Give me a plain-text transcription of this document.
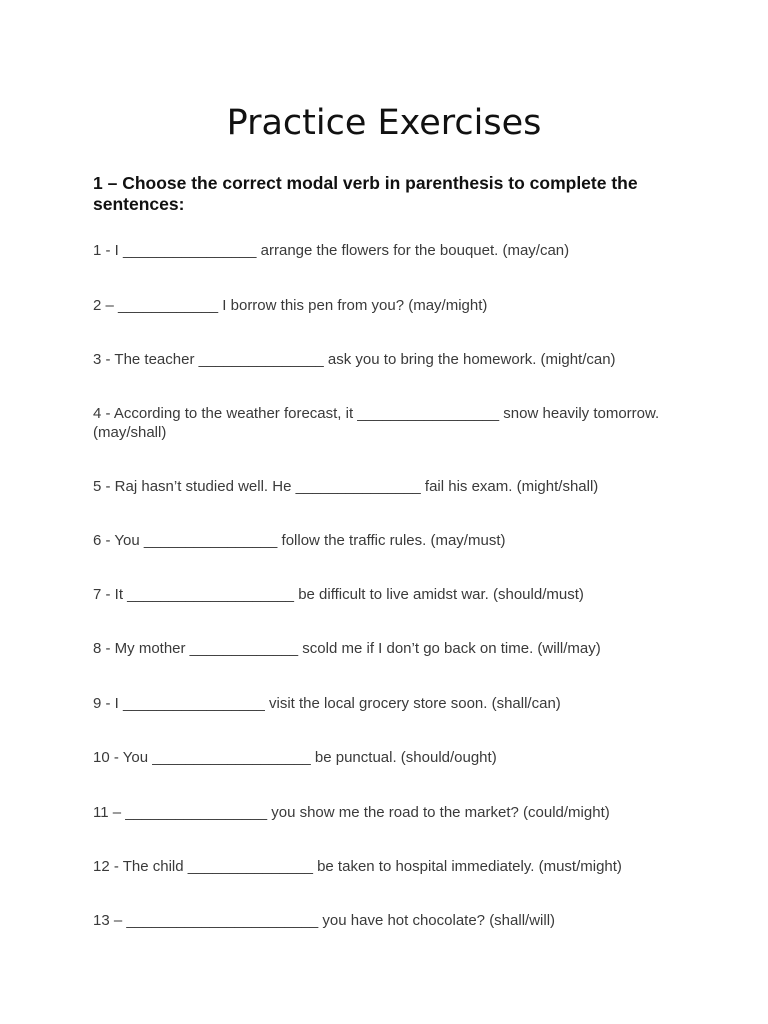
Practice Exercises

1 – Choose the correct modal verb in parenthesis to complete the sentences:

1 - I ________________ arrange the flowers for the bouquet. (may/can)

2 – ____________ I borrow this pen from you? (may/might)

3 - The teacher _______________ ask you to bring the homework. (might/can)

4 - According to the weather forecast, it _________________ snow heavily tomorrow. (may/shall)

5 - Raj hasn’t studied well. He _______________ fail his exam. (might/shall)

6 - You ________________ follow the traffic rules. (may/must)

7 - It ____________________ be difficult to live amidst war. (should/must)

8 - My mother _____________ scold me if I don’t go back on time. (will/may)

9 - I _________________ visit the local grocery store soon. (shall/can)

10 - You ___________________ be punctual. (should/ought)

11 – _________________ you show me the road to the market? (could/might)

12 - The child _______________ be taken to hospital immediately. (must/might)

13 – _______________________ you have hot chocolate? (shall/will)
